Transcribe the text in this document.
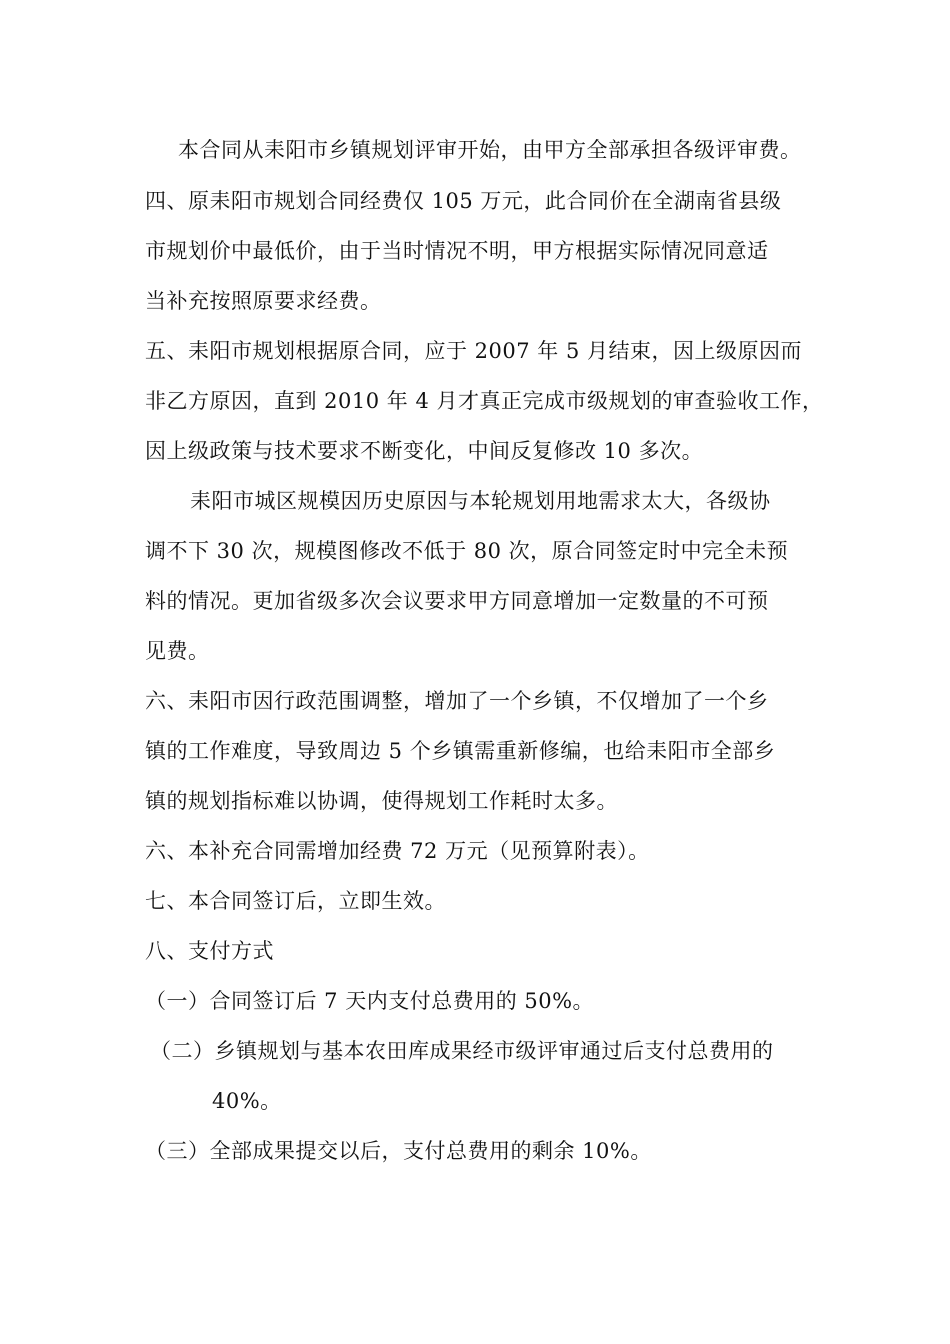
本合同从耒阳市乡镇规划评审开始，由甲方全部承担各级评审费。
四、原耒阳市规划合同经费仅 105 万元，此合同价在全湖南省县级
市规划价中最低价，由于当时情况不明，甲方根据实际情况同意适
当补充按照原要求经费。
五、耒阳市规划根据原合同，应于 2007 年 5 月结束，因上级原因而
非乙方原因，直到 2010 年 4 月才真正完成市级规划的审查验收工作，
因上级政策与技术要求不断变化，中间反复修改 10 多次。
耒阳市城区规模因历史原因与本轮规划用地需求太大，各级协
调不下 30 次，规模图修改不低于 80 次，原合同签定时中完全未预
料的情况。更加省级多次会议要求甲方同意增加一定数量的不可预
见费。
六、耒阳市因行政范围调整，增加了一个乡镇，不仅增加了一个乡
镇的工作难度，导致周边 5 个乡镇需重新修编，也给耒阳市全部乡
镇的规划指标难以协调，使得规划工作耗时太多。
六、本补充合同需增加经费 72 万元（见预算附表）。
七、本合同签订后，立即生效。
八、支付方式
（一）合同签订后 7 天内支付总费用的 50%。
（二）乡镇规划与基本农田库成果经市级评审通过后支付总费用的
40%。
（三）全部成果提交以后，支付总费用的剩余 10%。
